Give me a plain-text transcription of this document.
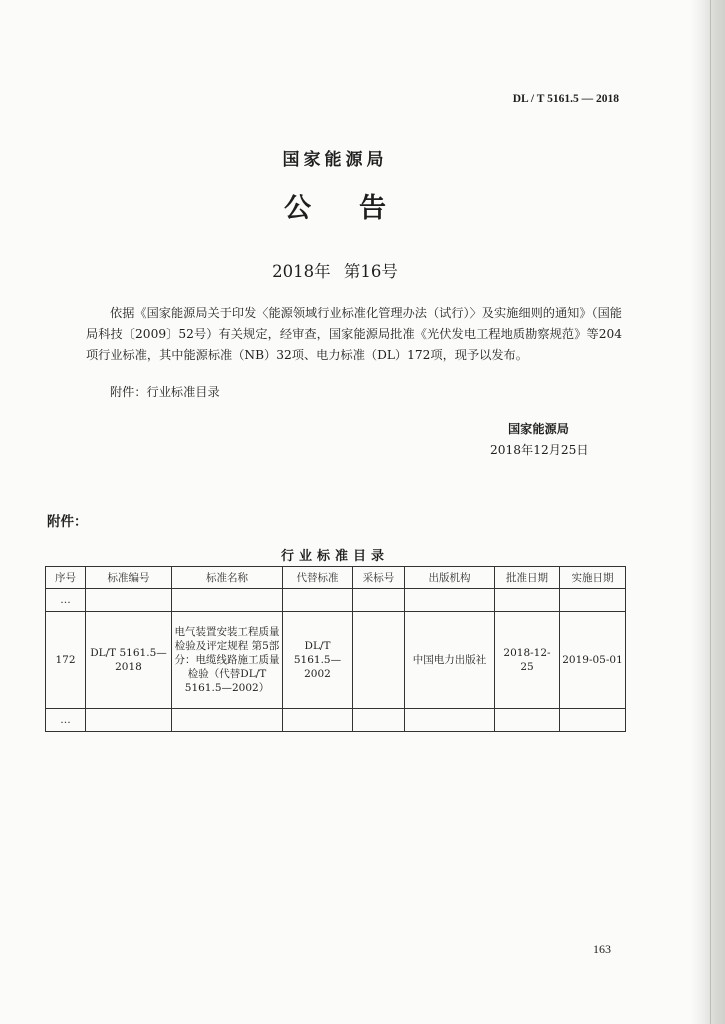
DL / T 5161.5 — 2018
国家能源局
公 告
2018年 第16号
依据《国家能源局关于印发〈能源领域行业标准化管理办法（试行）〉及实施细则的通知》（国能局科技〔2009〕52号）有关规定，经审查，国家能源局批准《光伏发电工程地质勘察规范》等204项行业标准，其中能源标准（NB）32项、电力标准（DL）172项，现予以发布。
附件：行业标准目录
国家能源局
2018年12月25日
附件：
行业标准目录
序号	标准编号	标准名称	代替标准	采标号	出版机构	批准日期	实施日期
…							
172	DL/T 5161.5—2018	电气装置安装工程质量检验及评定规程 第5部分：电缆线路施工质量检验（代替DL/T 5161.5—2002）	DL/T 5161.5—2002		中国电力出版社	2018-12-25	2019-05-01
…							
163
